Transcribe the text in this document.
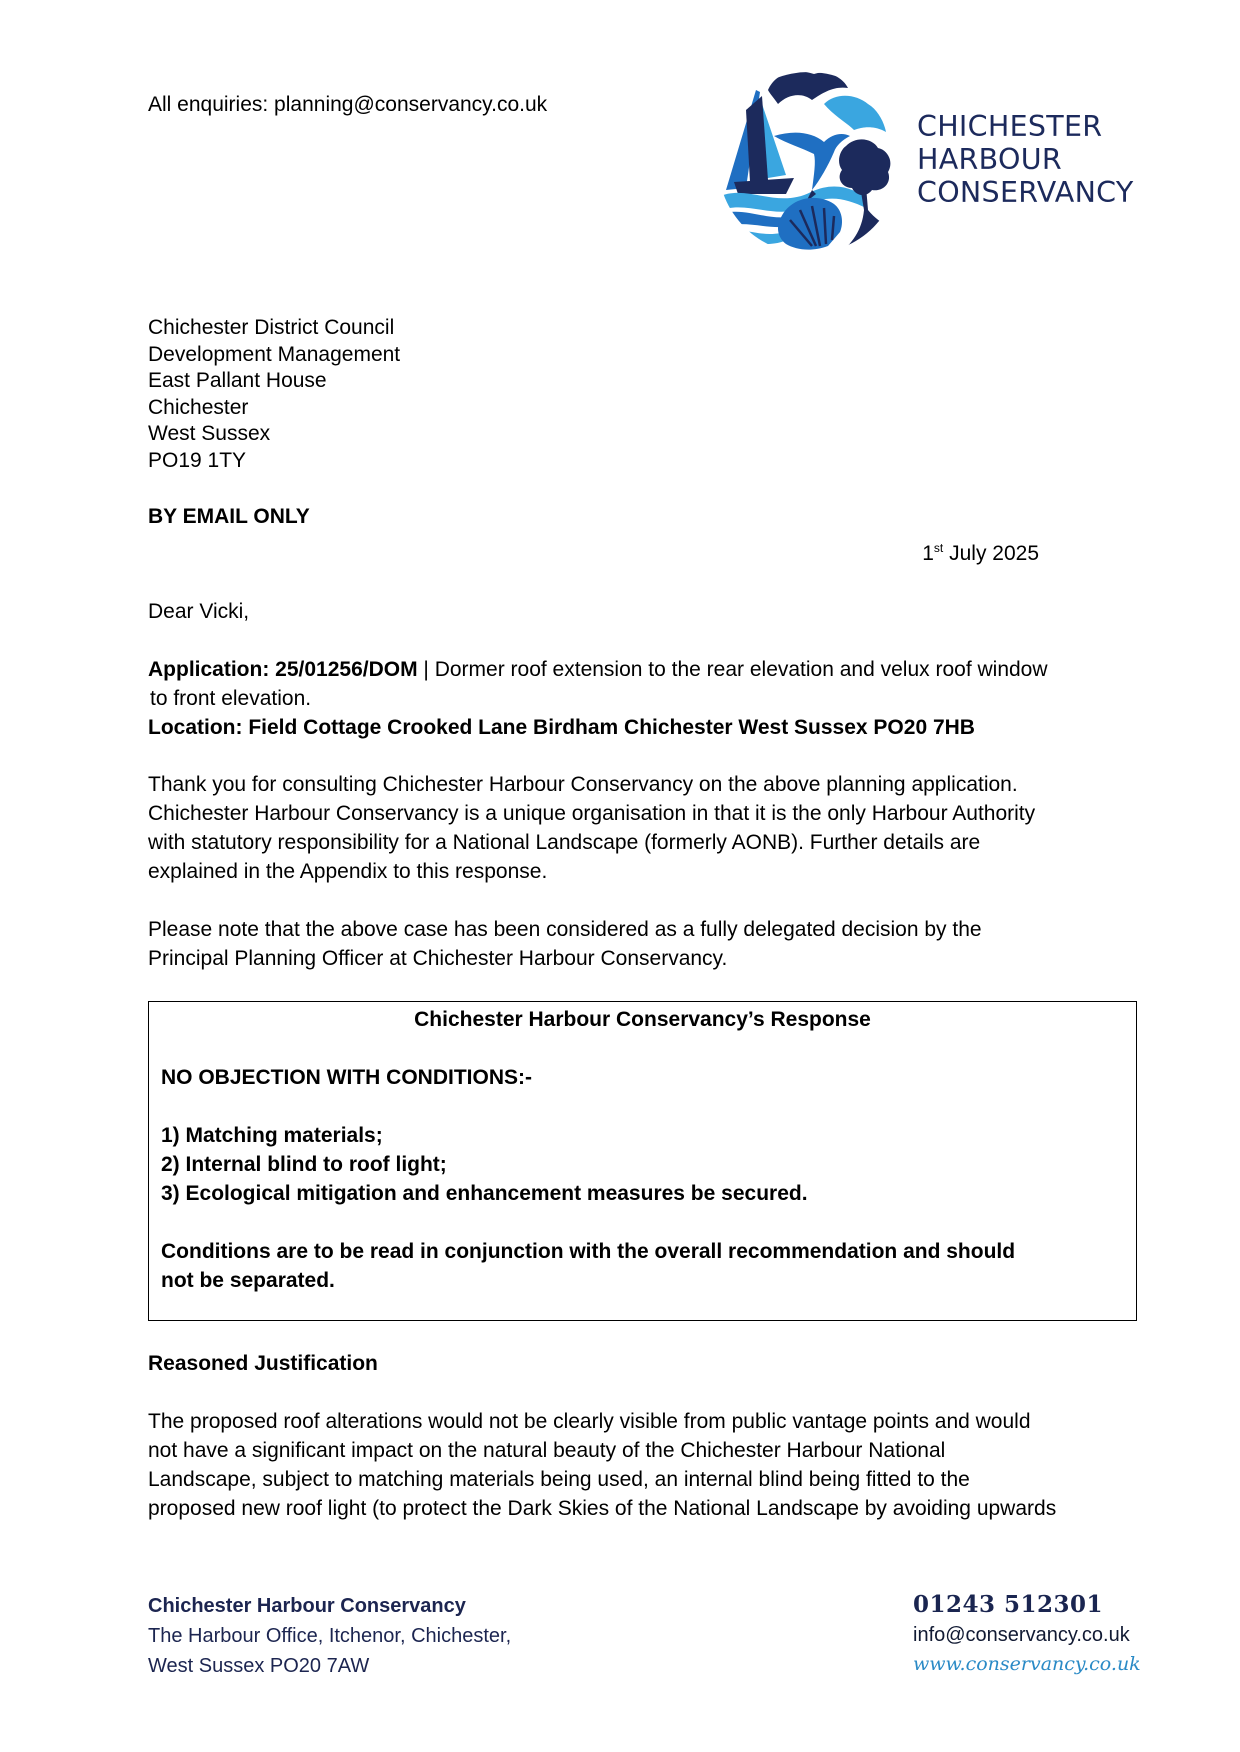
All enquiries: planning@conservancy.co.uk
CHICHESTER
HARBOUR
CONSERVANCY
Chichester District Council
Development Management
East Pallant House
Chichester
West Sussex
PO19 1TY
BY EMAIL ONLY
1st July 2025
Dear Vicki,
Application: 25/01256/DOM | Dormer roof extension to the rear elevation and velux roof window
to front elevation.
Location: Field Cottage Crooked Lane Birdham Chichester West Sussex PO20 7HB
Thank you for consulting Chichester Harbour Conservancy on the above planning application.
Chichester Harbour Conservancy is a unique organisation in that it is the only Harbour Authority
with statutory responsibility for a National Landscape (formerly AONB). Further details are
explained in the Appendix to this response.
Please note that the above case has been considered as a fully delegated decision by the
Principal Planning Officer at Chichester Harbour Conservancy.
Chichester Harbour Conservancy’s Response
NO OBJECTION WITH CONDITIONS:-
1) Matching materials;
2) Internal blind to roof light;
3) Ecological mitigation and enhancement measures be secured.
Conditions are to be read in conjunction with the overall recommendation and should
not be separated.
Reasoned Justification
The proposed roof alterations would not be clearly visible from public vantage points and would
not have a significant impact on the natural beauty of the Chichester Harbour National
Landscape, subject to matching materials being used, an internal blind being fitted to the
proposed new roof light (to protect the Dark Skies of the National Landscape by avoiding upwards
Chichester Harbour Conservancy
The Harbour Office, Itchenor, Chichester,
West Sussex PO20 7AW
01243 512301
info@conservancy.co.uk
www.conservancy.co.uk
